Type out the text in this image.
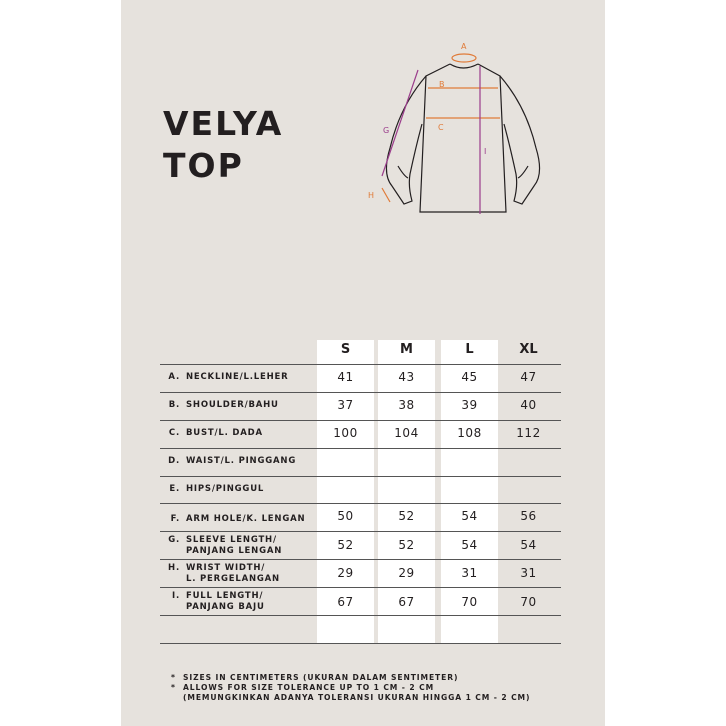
VELYA
TOP
A
B
C
G
H
I
S	M	L	XL
A. NECKLINE/L.LEHER	41	43	45	47
B. SHOULDER/BAHU	37	38	39	40
C. BUST/L. DADA	100	104	108	112
D. WAIST/L. PINGGANG
E. HIPS/PINGGUL
F. ARM HOLE/K. LENGAN	50	52	54	56
G. SLEEVE LENGTH/
PANJANG LENGAN	52	52	54	54
H. WRIST WIDTH/
L. PERGELANGAN	29	29	31	31
I. FULL LENGTH/
PANJANG BAJU	67	67	70	70
* SIZES IN CENTIMETERS (UKURAN DALAM SENTIMETER)
* ALLOWS FOR SIZE TOLERANCE UP TO 1 CM - 2 CM
(MEMUNGKINKAN ADANYA TOLERANSI UKURAN HINGGA 1 CM - 2 CM)
